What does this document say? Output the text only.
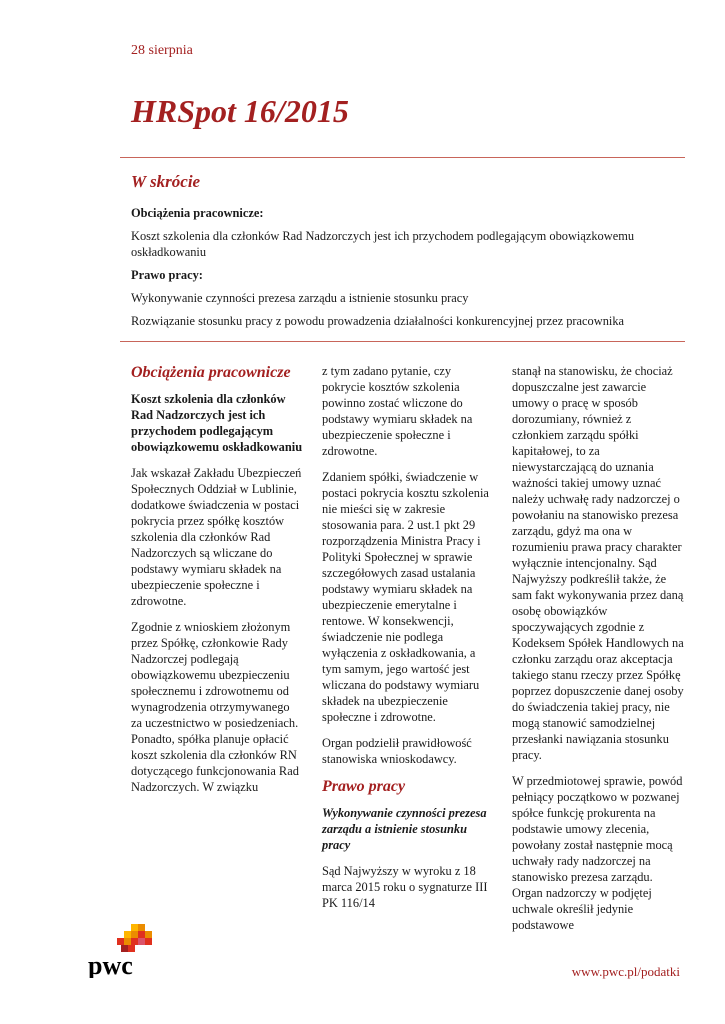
28 sierpnia
HRSpot 16/2015
W skrócie

Obciążenia pracownicze:

Koszt szkolenia dla członków Rad Nadzorczych jest ich przychodem podlegającym obowiązkowemu oskładkowaniu

Prawo pracy:

Wykonywanie czynności prezesa zarządu a istnienie stosunku pracy

Rozwiązanie stosunku pracy z powodu prowadzenia działalności konkurencyjnej przez pracownika

Obciążenia pracownicze

Koszt szkolenia dla członków Rad Nadzorczych jest ich przychodem podlegającym obowiązkowemu oskładkowaniu

Jak wskazał Zakładu Ubezpieczeń Społecznych Oddział w Lublinie, dodatkowe świadczenia w postaci pokrycia przez spółkę kosztów szkolenia dla członków Rad Nadzorczych są wliczane do podstawy wymiaru składek na ubezpieczenie społeczne i zdrowotne.

Zgodnie z wnioskiem złożonym przez Spółkę, członkowie Rady Nadzorczej podlegają obowiązkowemu ubezpieczeniu społecznemu i zdrowotnemu od wynagrodzenia otrzymywanego za uczestnictwo w posiedzeniach. Ponadto, spółka planuje opłacić koszt szkolenia dla członków RN dotyczącego funkcjonowania Rad Nadzorczych. W związku

z tym zadano pytanie, czy pokrycie kosztów szkolenia powinno zostać wliczone do podstawy wymiaru składek na ubezpieczenie społeczne i zdrowotne.

Zdaniem spółki, świadczenie w postaci pokrycia kosztu szkolenia nie mieści się w zakresie stosowania para. 2 ust.1 pkt 29 rozporządzenia Ministra Pracy i Polityki Społecznej w sprawie szczegółowych zasad ustalania podstawy wymiaru składek na ubezpieczenie emerytalne i rentowe. W konsekwencji, świadczenie nie podlega wyłączenia z oskładkowania, a tym samym, jego wartość jest wliczana do podstawy wymiaru składek na ubezpieczenie społeczne i zdrowotne.

Organ podzielił prawidłowość stanowiska wnioskodawcy.

Prawo pracy

Wykonywanie czynności prezesa zarządu a istnienie stosunku pracy

Sąd Najwyższy w wyroku z 18 marca 2015 roku o sygnaturze III PK 116/14

stanął na stanowisku, że chociaż dopuszczalne jest zawarcie umowy o pracę w sposób dorozumiany, również z członkiem zarządu spółki kapitałowej, to za niewystarczającą do uznania ważności takiej umowy uznać należy uchwałę rady nadzorczej o powołaniu na stanowisko prezesa zarządu, gdyż ma ona w rozumieniu prawa pracy charakter wyłącznie intencjonalny. Sąd Najwyższy podkreślił także, że sam fakt wykonywania przez daną osobę obowiązków spoczywających zgodnie z Kodeksem Spółek Handlowych na członku zarządu oraz akceptacja takiego stanu rzeczy przez Spółkę poprzez dopuszczenie danej osoby do świadczenia takiej pracy, nie mogą stanowić samodzielnej przesłanki nawiązania stosunku pracy.

W przedmiotowej sprawie, powód pełniący początkowo w pozwanej spółce funkcję prokurenta na podstawie umowy zlecenia, powołany został następnie mocą uchwały rady nadzorczej na stanowisko prezesa zarządu. Organ nadzorczy w podjętej uchwale określił jedynie podstawowe

pwc	www.pwc.pl/podatki
